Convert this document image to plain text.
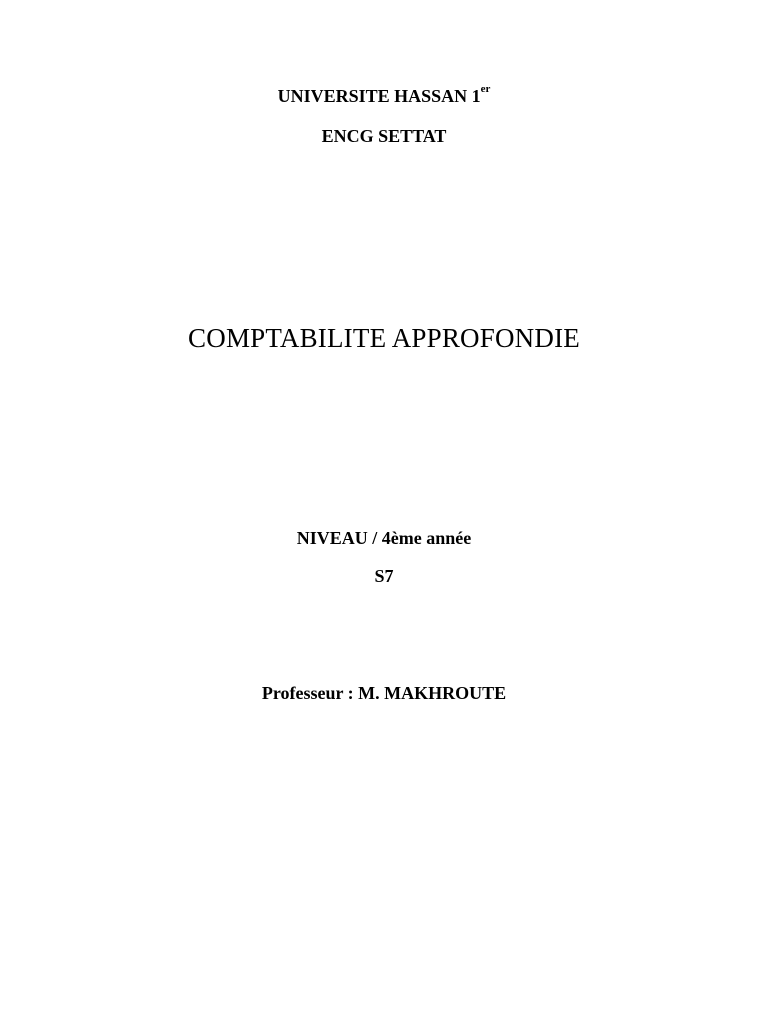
UNIVERSITE HASSAN 1er
ENCG SETTAT
COMPTABILITE APPROFONDIE
NIVEAU / 4ème année
S7
Professeur : M. MAKHROUTE
